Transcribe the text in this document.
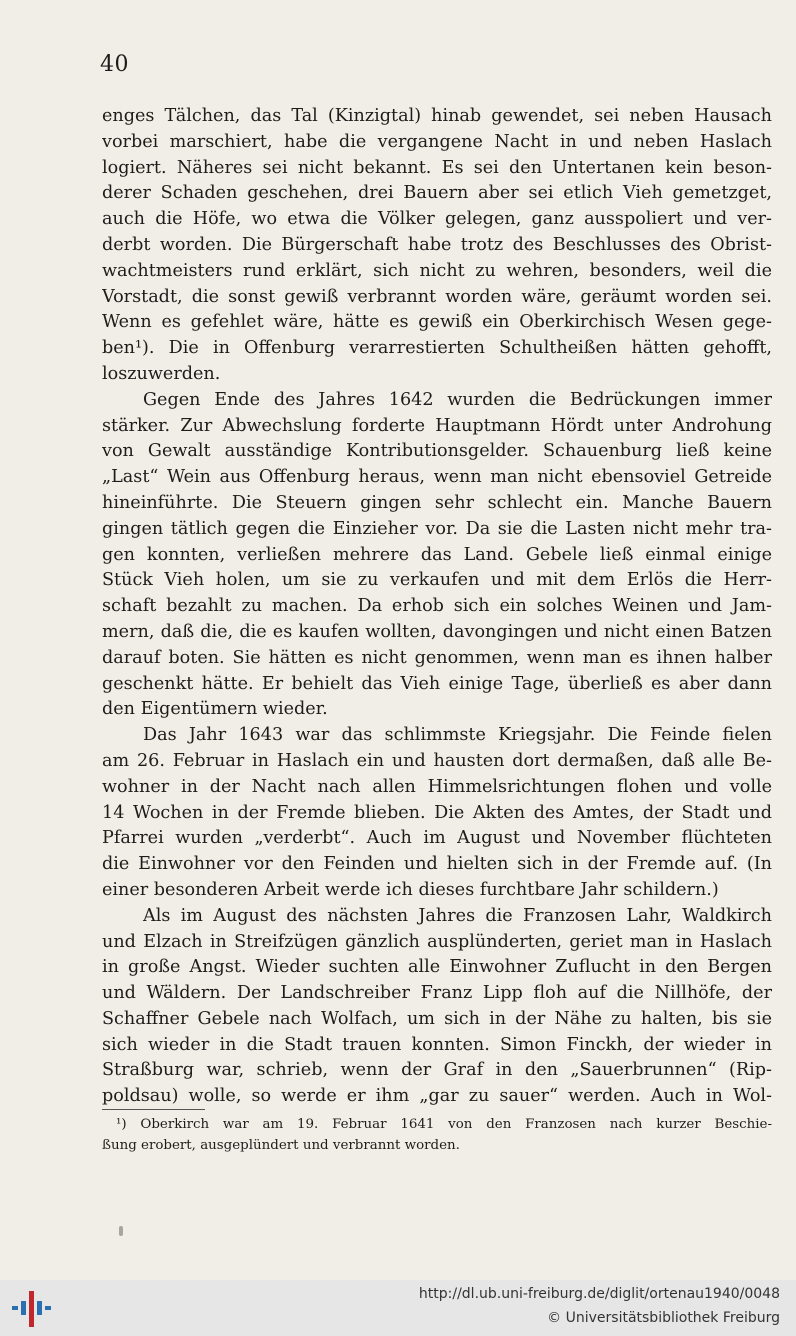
40
enges Tälchen, das Tal (Kinzigtal) hinab gewendet, sei neben Hausach
vorbei marschiert, habe die vergangene Nacht in und neben Haslach
logiert. Näheres sei nicht bekannt. Es sei den Untertanen kein beson-
derer Schaden geschehen, drei Bauern aber sei etlich Vieh gemetzget,
auch die Höfe, wo etwa die Völker gelegen, ganz ausspoliert und ver-
derbt worden. Die Bürgerschaft habe trotz des Beschlusses des Obrist-
wachtmeisters rund erklärt, sich nicht zu wehren, besonders, weil die
Vorstadt, die sonst gewiß verbrannt worden wäre, geräumt worden sei.
Wenn es gefehlet wäre, hätte es gewiß ein Oberkirchisch Wesen gege-
ben¹). Die in Offenburg verarrestierten Schultheißen hätten gehofft,
loszuwerden.
Gegen Ende des Jahres 1642 wurden die Bedrückungen immer
stärker. Zur Abwechslung forderte Hauptmann Hördt unter Androhung
von Gewalt ausständige Kontributionsgelder. Schauenburg ließ keine
„Last“ Wein aus Offenburg heraus, wenn man nicht ebensoviel Getreide
hineinführte. Die Steuern gingen sehr schlecht ein. Manche Bauern
gingen tätlich gegen die Einzieher vor. Da sie die Lasten nicht mehr tra-
gen konnten, verließen mehrere das Land. Gebele ließ einmal einige
Stück Vieh holen, um sie zu verkaufen und mit dem Erlös die Herr-
schaft bezahlt zu machen. Da erhob sich ein solches Weinen und Jam-
mern, daß die, die es kaufen wollten, davongingen und nicht einen Batzen
darauf boten. Sie hätten es nicht genommen, wenn man es ihnen halber
geschenkt hätte. Er behielt das Vieh einige Tage, überließ es aber dann
den Eigentümern wieder.
Das Jahr 1643 war das schlimmste Kriegsjahr. Die Feinde fielen
am 26. Februar in Haslach ein und hausten dort dermaßen, daß alle Be-
wohner in der Nacht nach allen Himmelsrichtungen flohen und volle
14 Wochen in der Fremde blieben. Die Akten des Amtes, der Stadt und
Pfarrei wurden „verderbt“. Auch im August und November flüchteten
die Einwohner vor den Feinden und hielten sich in der Fremde auf. (In
einer besonderen Arbeit werde ich dieses furchtbare Jahr schildern.)
Als im August des nächsten Jahres die Franzosen Lahr, Waldkirch
und Elzach in Streifzügen gänzlich ausplünderten, geriet man in Haslach
in große Angst. Wieder suchten alle Einwohner Zuflucht in den Bergen
und Wäldern. Der Landschreiber Franz Lipp floh auf die Nillhöfe, der
Schaffner Gebele nach Wolfach, um sich in der Nähe zu halten, bis sie
sich wieder in die Stadt trauen konnten. Simon Finckh, der wieder in
Straßburg war, schrieb, wenn der Graf in den „Sauerbrunnen“ (Rip-
poldsau) wolle, so werde er ihm „gar zu sauer“ werden. Auch in Wol-
¹) Oberkirch war am 19. Februar 1641 von den Franzosen nach kurzer Beschie-
ßung erobert, ausgeplündert und verbrannt worden.
http://dl.ub.uni-freiburg.de/diglit/ortenau1940/0048
© Universitätsbibliothek Freiburg
